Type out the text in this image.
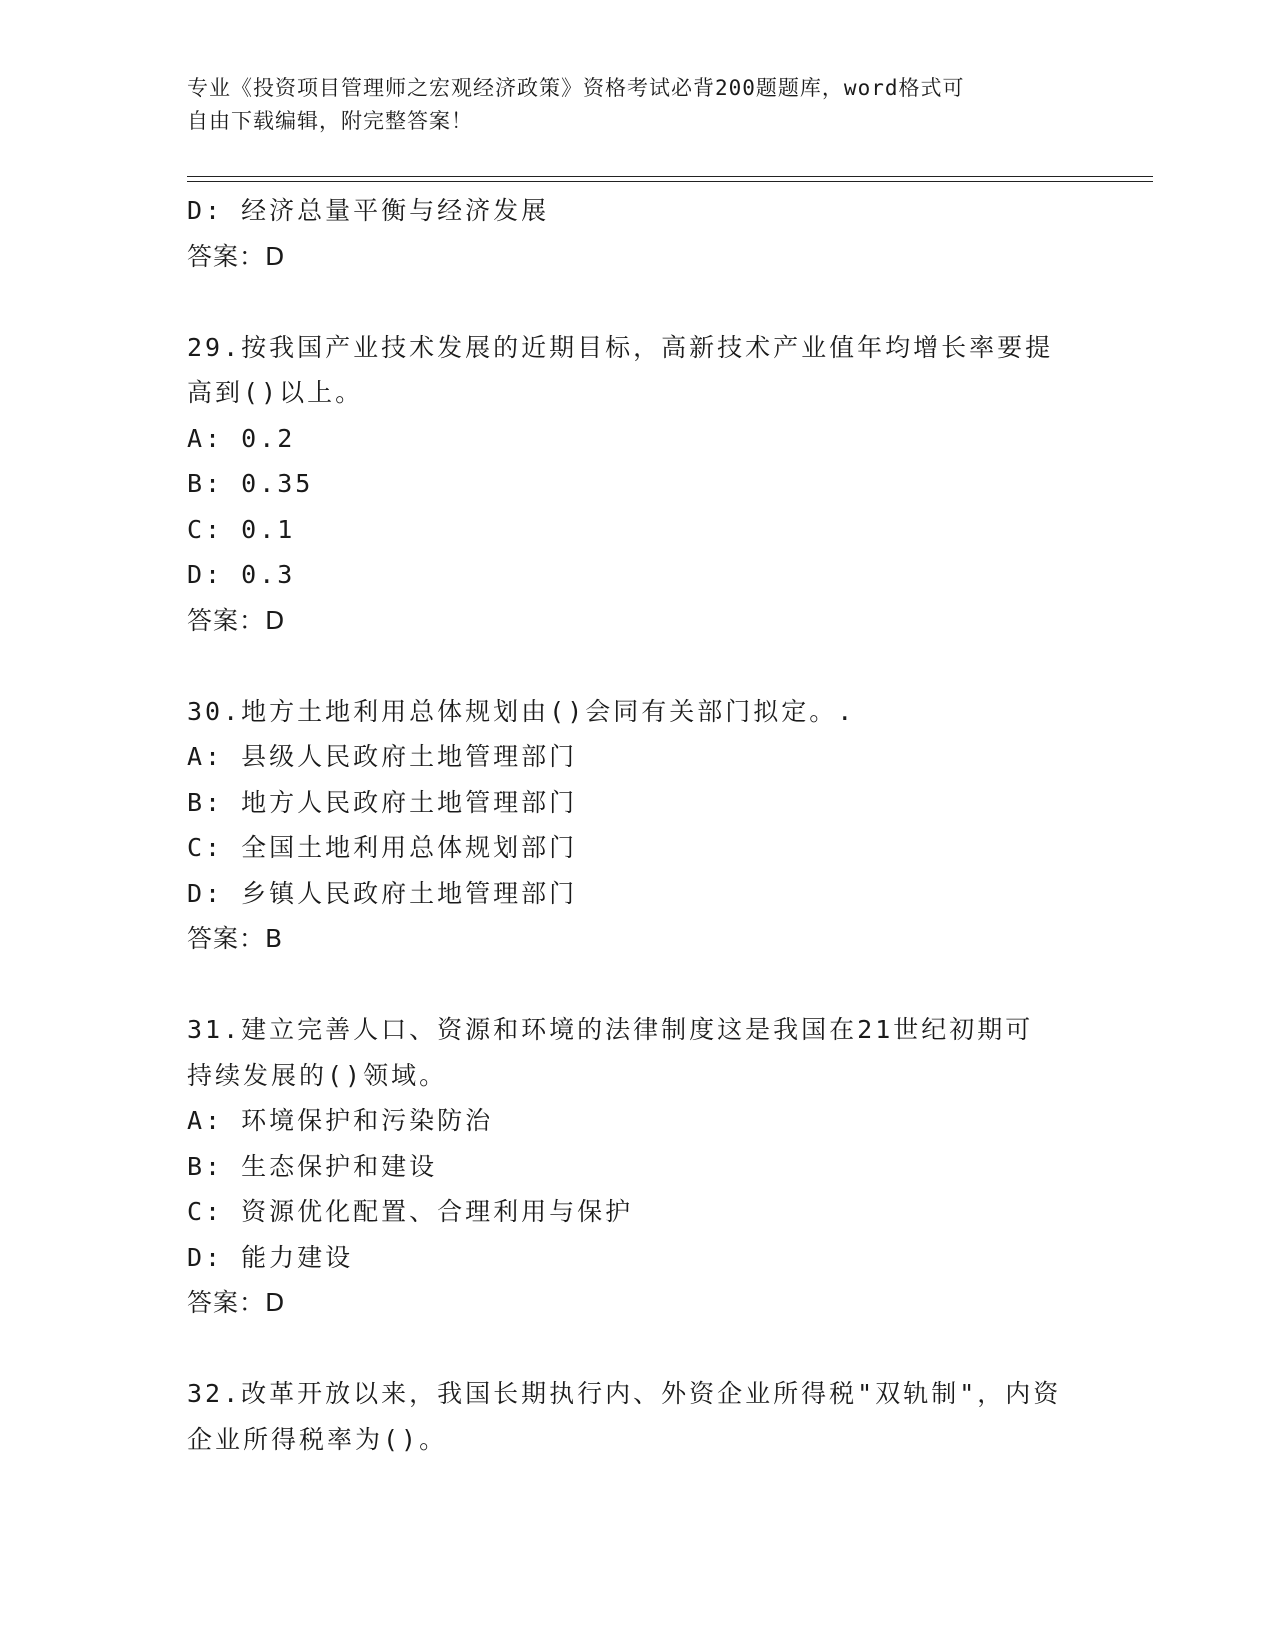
专业《投资项目管理师之宏观经济政策》资格考试必背200题题库，word格式可
自由下载编辑，附完整答案！
D: 经济总量平衡与经济发展
答案：D
29.按我国产业技术发展的近期目标，高新技术产业值年均增长率要提
高到()以上。
A: 0.2
B: 0.35
C: 0.1
D: 0.3
答案：D
30.地方土地利用总体规划由()会同有关部门拟定。.
A: 县级人民政府土地管理部门
B: 地方人民政府土地管理部门
C: 全国土地利用总体规划部门
D: 乡镇人民政府土地管理部门
答案：B
31.建立完善人口、资源和环境的法律制度这是我国在21世纪初期可
持续发展的()领域。
A: 环境保护和污染防治
B: 生态保护和建设
C: 资源优化配置、合理利用与保护
D: 能力建设
答案：D
32.改革开放以来，我国长期执行内、外资企业所得税"双轨制"，内资
企业所得税率为()。
